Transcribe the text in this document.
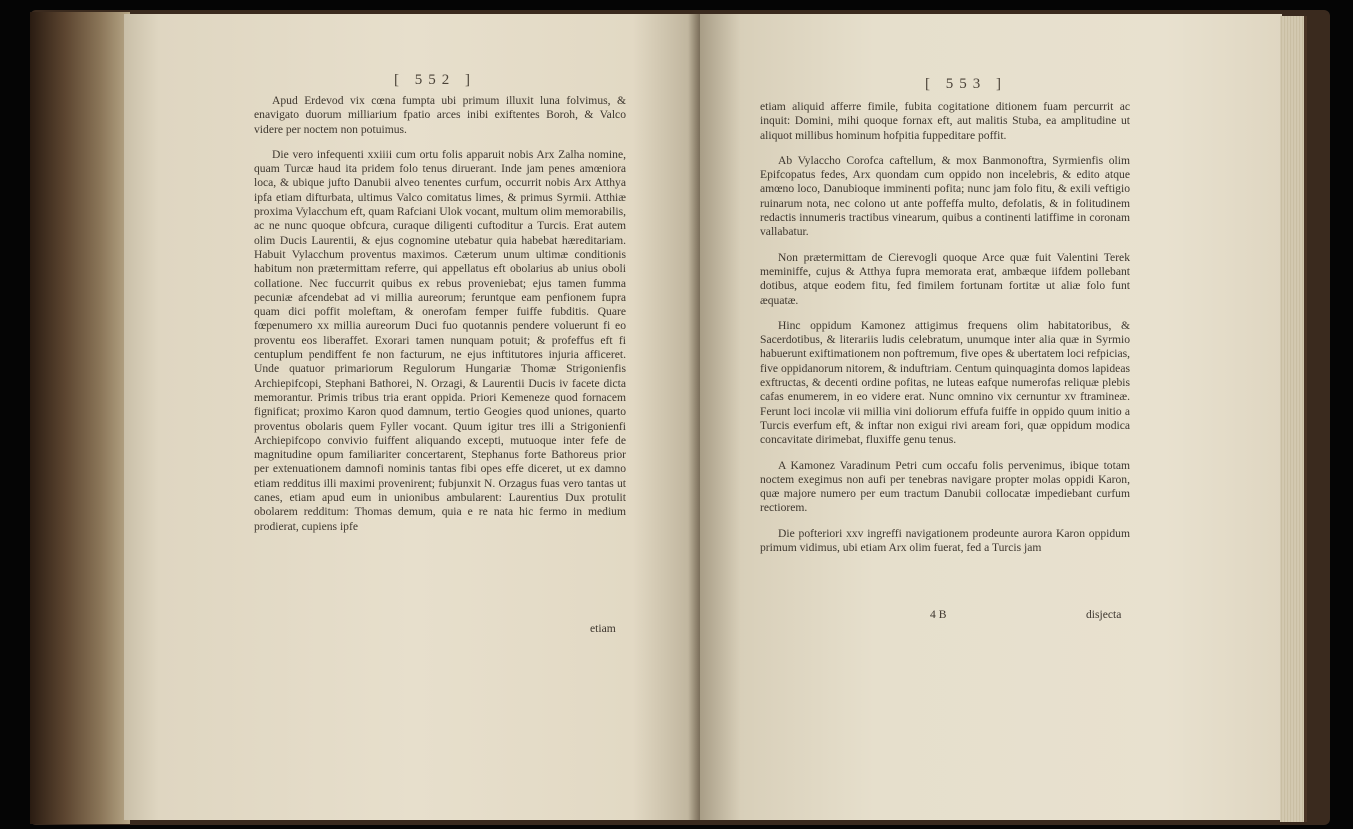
[ 552 ]

Apud Erdevod vix cœna fumpta ubi primum illuxit luna folvimus, & enavigato duorum milliarium fpatio arces inibi exiftentes Boroh, & Valco videre per noctem non potuimus.

Die vero infequenti xxiiii cum ortu folis apparuit nobis Arx Zalha nomine, quam Turcæ haud ita pridem folo tenus diruerant. Inde jam penes amœniora loca, & ubique jufto Danubii alveo tenentes curfum, occurrit nobis Arx Atthya ipfa etiam difturbata, ultimus Valco comitatus limes, & primus Syrmii. Atthiæ proxima Vylacchum eft, quam Rafciani Ulok vocant, multum olim memorabilis, ac ne nunc quoque obfcura, curaque diligenti cuftoditur a Turcis. Erat autem olim Ducis Laurentii, & ejus cognomine utebatur quia habebat hæreditariam. Habuit Vylacchum proventus maximos. Cæterum unum ultimæ conditionis habitum non prætermittam referre, qui appellatus eft obolarius ab unius oboli collatione. Nec fuccurrit quibus ex rebus proveniebat; ejus tamen fumma pecuniæ afcendebat ad vi millia aureorum; feruntque eam penfionem fupra quam dici poffit moleftam, & onerofam femper fuiffe fubditis. Quare fœpenumero xx millia aureorum Duci fuo quotannis pendere voluerunt fi eo proventu eos liberaffet. Exorari tamen nunquam potuit; & profeffus eft fi centuplum pendiffent fe non facturum, ne ejus inftitutores injuria afficeret. Unde quatuor primariorum Regulorum Hungariæ Thomæ Strigonienfis Archiepifcopi, Stephani Bathorei, N. Orzagi, & Laurentii Ducis iv facete dicta memorantur. Primis tribus tria erant oppida. Priori Kemeneze quod fornacem fignificat; proximo Karon quod damnum, tertio Geogies quod uniones, quarto proventus obolaris quem Fyller vocant. Quum igitur tres illi a Strigonienfi Archiepifcopo convivio fuiffent aliquando excepti, mutuoque inter fefe de magnitudine opum familiariter concertarent, Stephanus forte Bathoreus prior per extenuationem damnofi nominis tantas fibi opes effe diceret, ut ex damno etiam redditus illi maximi provenirent; fubjunxit N. Orzagus fuas vero tantas ut canes, etiam apud eum in unionibus ambularent: Laurentius Dux protulit obolarem redditum: Thomas demum, quia e re nata hic fermo in medium prodierat, cupiens ipfe

etiam
[ 553 ]

etiam aliquid afferre fimile, fubita cogitatione ditionem fuam percurrit ac inquit: Domini, mihi quoque fornax eft, aut malitis Stuba, ea amplitudine ut aliquot millibus hominum hofpitia fuppeditare poffit.

Ab Vylaccho Corofca caftellum, & mox Banmonoftra, Syrmienfis olim Epifcopatus fedes, Arx quondam cum oppido non incelebris, & edito atque amœno loco, Danubioque imminenti pofita; nunc jam folo fitu, & exili veftigio ruinarum nota, nec colono ut ante poffeffa multo, defolatis, & in folitudinem redactis innumeris tractibus vinearum, quibus a continenti latiffime in coronam vallabatur.

Non prætermittam de Cierevogli quoque Arce quæ fuit Valentini Terek meminiffe, cujus & Atthya fupra memorata erat, ambæque iifdem pollebant dotibus, atque eodem fitu, fed fimilem fortunam fortitæ ut aliæ folo funt æquatæ.

Hinc oppidum Kamonez attigimus frequens olim habitatoribus, & Sacerdotibus, & literariis ludis celebratum, unumque inter alia quæ in Syrmio habuerunt exiftimationem non poftremum, five opes & ubertatem loci refpicias, five oppidanorum nitorem, & induftriam. Centum quinquaginta domos lapideas exftructas, & decenti ordine pofitas, ne luteas eafque numerofas reliquæ plebis cafas enumerem, in eo videre erat. Nunc omnino vix cernuntur xv ftramineæ. Ferunt loci incolæ vii millia vini doliorum effufa fuiffe in oppido quum initio a Turcis everfum eft, & inftar non exigui rivi aream fori, quæ oppidum modica concavitate dirimebat, fluxiffe genu tenus.

A Kamonez Varadinum Petri cum occafu folis pervenimus, ibique totam noctem exegimus non aufi per tenebras navigare propter molas oppidi Karon, quæ majore numero per eum tractum Danubii collocatæ impediebant curfum rectiorem.

Die pofteriori xxv ingreffi navigationem prodeunte aurora Karon oppidum primum vidimus, ubi etiam Arx olim fuerat, fed a Turcis jam

4 B	disjecta
